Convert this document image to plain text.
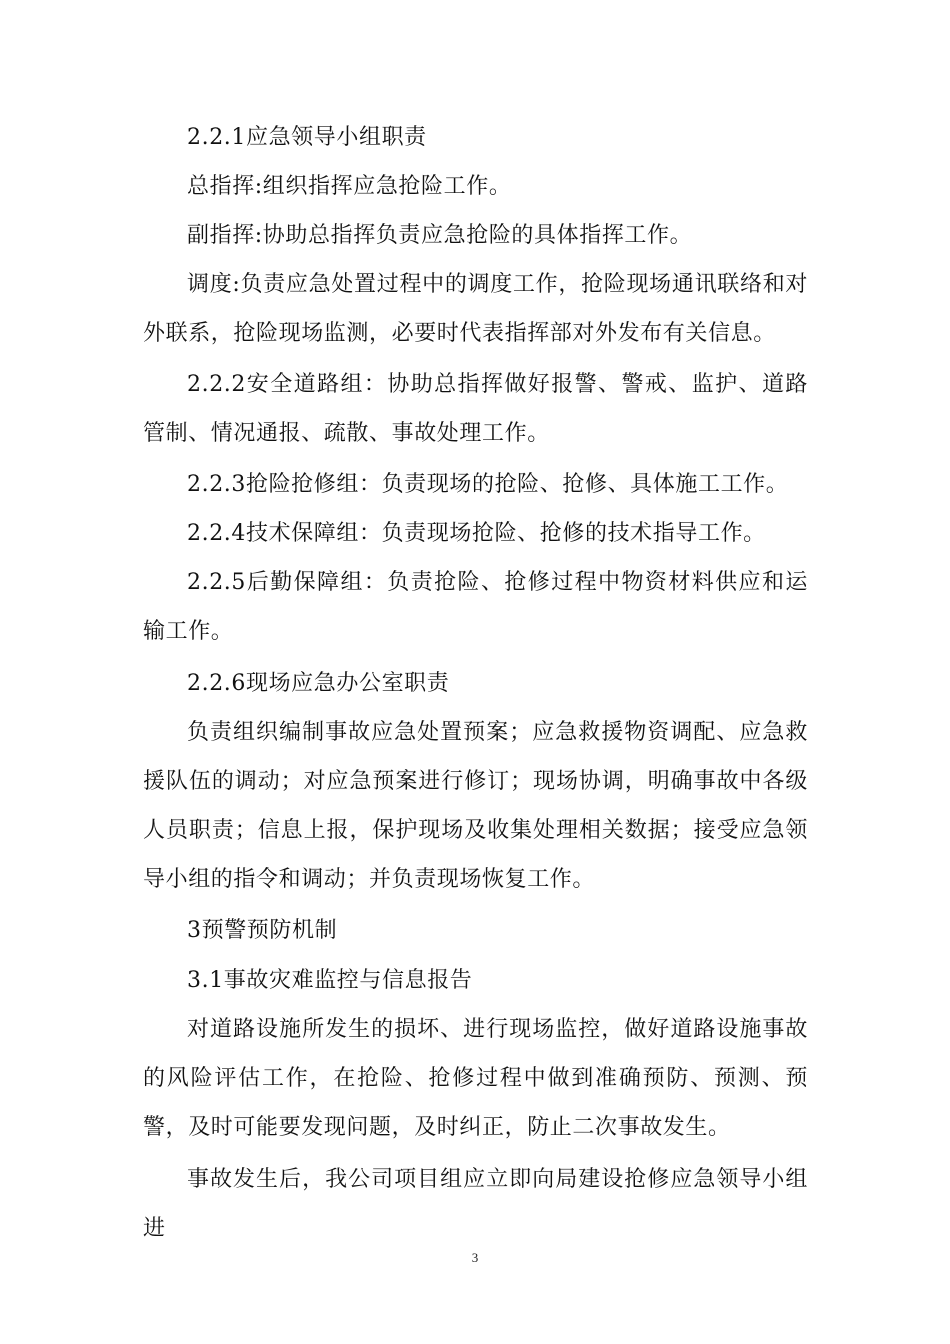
2.2.1应急领导小组职责

总指挥:组织指挥应急抢险工作。

副指挥:协助总指挥负责应急抢险的具体指挥工作。

调度:负责应急处置过程中的调度工作，抢险现场通讯联络和对外联系，抢险现场监测，必要时代表指挥部对外发布有关信息。

2.2.2安全道路组：协助总指挥做好报警、警戒、监护、道路管制、情况通报、疏散、事故处理工作。

2.2.3抢险抢修组：负责现场的抢险、抢修、具体施工工作。

2.2.4技术保障组：负责现场抢险、抢修的技术指导工作。

2.2.5后勤保障组：负责抢险、抢修过程中物资材料供应和运输工作。

2.2.6现场应急办公室职责

负责组织编制事故应急处置预案；应急救援物资调配、应急救援队伍的调动；对应急预案进行修订；现场协调，明确事故中各级人员职责；信息上报，保护现场及收集处理相关数据；接受应急领导小组的指令和调动；并负责现场恢复工作。

3预警预防机制

3.1事故灾难监控与信息报告

对道路设施所发生的损坏、进行现场监控，做好道路设施事故的风险评估工作，在抢险、抢修过程中做到准确预防、预测、预警，及时可能要发现问题，及时纠正，防止二次事故发生。

事故发生后，我公司项目组应立即向局建设抢修应急领导小组进

3
